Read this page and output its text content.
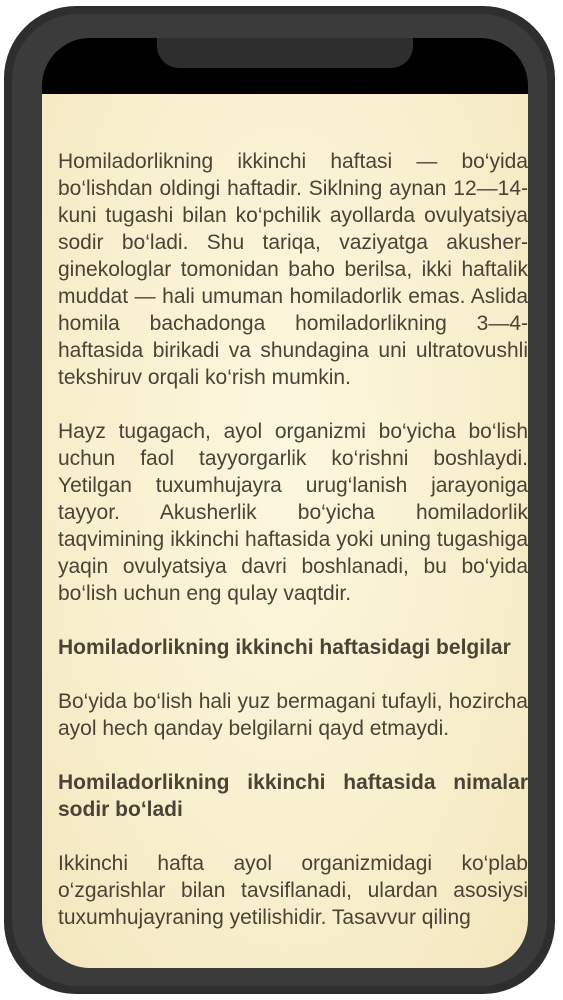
Homiladorlikning ikkinchi haftasi — bo‘yida bo‘lishdan oldingi haftadir. Siklning aynan 12—14-kuni tugashi bilan ko‘pchilik ayollarda ovulyatsiya sodir bo‘ladi. Shu tariqa, vaziyatga akusher-ginekologlar tomonidan baho berilsa, ikki haftalik muddat — hali umuman homiladorlik emas. Aslida homila bachadonga homiladorlikning 3—4-haftasida birikadi va shundagina uni ultratovushli tekshiruv orqali ko‘rish mumkin.

Hayz tugagach, ayol organizmi bo‘yicha bo‘lish uchun faol tayyorgarlik ko‘rishni boshlaydi. Yetilgan tuxumhujayra urug‘lanish jarayoniga tayyor. Akusherlik bo‘yicha homiladorlik taqvimining ikkinchi haftasida yoki uning tugashiga yaqin ovulyatsiya davri boshlanadi, bu bo‘yida bo‘lish uchun eng qulay vaqtdir.

Homiladorlikning ikkinchi haftasidagi belgilar

Bo‘yida bo‘lish hali yuz bermagani tufayli, hozircha ayol hech qanday belgilarni qayd etmaydi.

Homiladorlikning ikkinchi haftasida nimalar sodir bo‘ladi

Ikkinchi hafta ayol organizmidagi ko‘plab o‘zgarishlar bilan tavsiflanadi, ulardan asosiysi tuxumhujayraning yetilishidir. Tasavvur qiling
